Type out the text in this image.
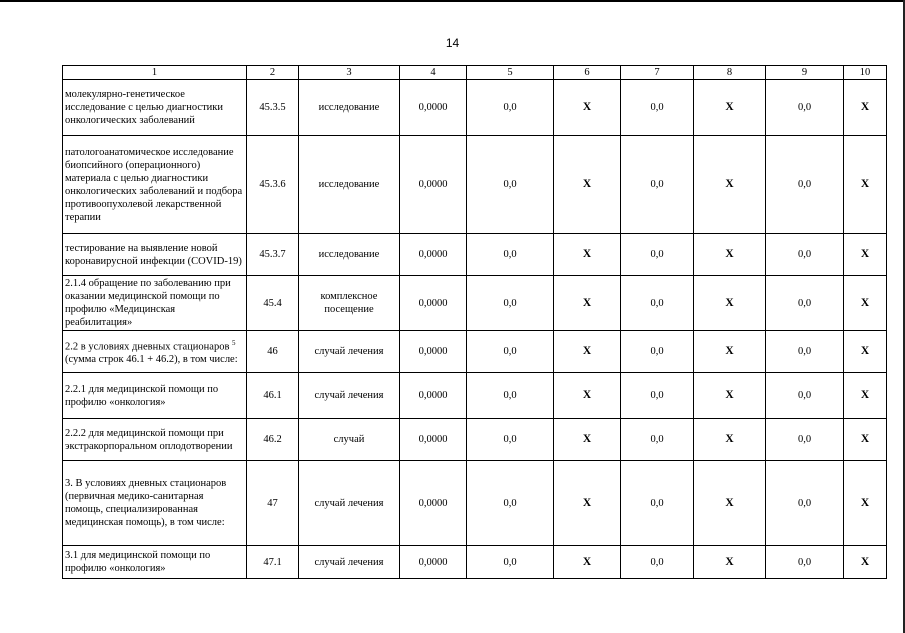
14
1	2	3	4	5	6	7	8	9	10
молекулярно-генетическое исследование с целью диагностики онкологических заболеваний	45.3.5	исследование	0,0000	0,0	X	0,0	X	0,0	X
патологоанатомическое исследование биопсийного (операционного) материала с целью диагностики онкологических заболеваний и подбора противоопухолевой лекарственной терапии	45.3.6	исследование	0,0000	0,0	X	0,0	X	0,0	X
тестирование на выявление новой коронавирусной инфекции (COVID-19)	45.3.7	исследование	0,0000	0,0	X	0,0	X	0,0	X
2.1.4 обращение по заболеванию при оказании медицинской помощи по профилю «Медицинская реабилитация»	45.4	комплексное посещение	0,0000	0,0	X	0,0	X	0,0	X
2.2 в условиях дневных стационаров $^5$ (сумма строк 46.1 + 46.2), в том числе:	46	случай лечения	0,0000	0,0	X	0,0	X	0,0	X
2.2.1 для медицинской помощи по профилю «онкология»	46.1	случай лечения	0,0000	0,0	X	0,0	X	0,0	X
2.2.2 для медицинской помощи при экстракорпоральном оплодотворении	46.2	случай	0,0000	0,0	X	0,0	X	0,0	X
3. В условиях дневных стационаров (первичная медико-санитарная помощь, специализированная медицинская помощь), в том числе:	47	случай лечения	0,0000	0,0	X	0,0	X	0,0	X
3.1 для медицинской помощи по профилю «онкология»	47.1	случай лечения	0,0000	0,0	X	0,0	X	0,0	X
